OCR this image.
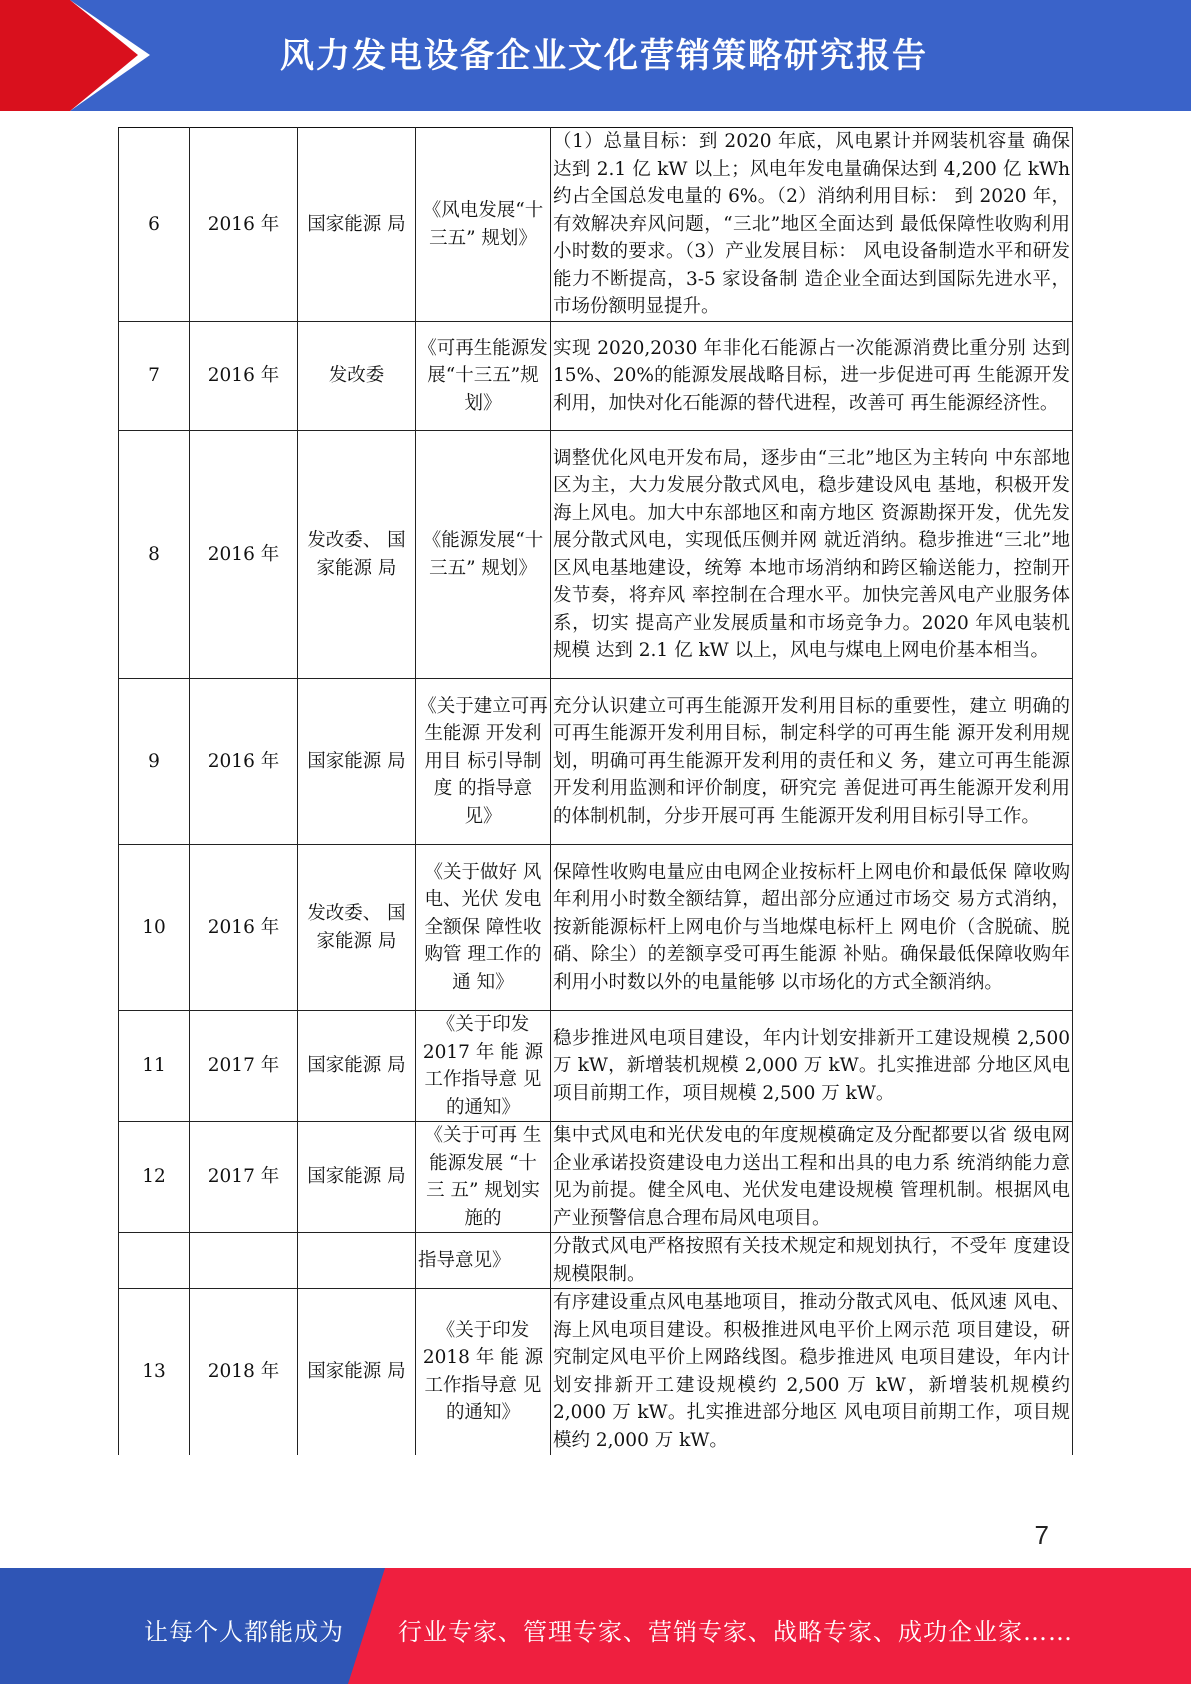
风力发电设备企业文化营销策略研究报告
6	2016 年	国家能源 局	《风电发展“十三五” 规划》	（1）总量目标：到 2020 年底，风电累计并网装机容量 确保达到 2.1 亿 kW 以上；风电年发电量确保达到 4,200 亿 kWh约占全国总发电量的 6%。（2）消纳利用目标： 到 2020 年，有效解决弃风问题，“三北”地区全面达到 最低保障性收购利用小时数的要求。（3）产业发展目标： 风电设备制造水平和研发能力不断提高，3-5 家设备制 造企业全面达到国际先进水平，市场份额明显提升。
7	2016 年	发改委	《可再生能源发展“十三五”规 划》	实现 2020,2030 年非化石能源占一次能源消费比重分别 达到 15%、20%的能源发展战略目标，进一步促进可再 生能源开发利用，加快对化石能源的替代进程，改善可 再生能源经济性。
8	2016 年	发改委、 国家能源 局	《能源发展“十三五” 规划》	调整优化风电开发布局，逐步由“三北”地区为主转向 中东部地区为主，大力发展分散式风电，稳步建设风电 基地，积极开发海上风电。加大中东部地区和南方地区 资源勘探开发，优先发展分散式风电，实现低压侧并网 就近消纳。稳步推进“三北”地区风电基地建设，统筹 本地市场消纳和跨区输送能力，控制开发节奏，将弃风 率控制在合理水平。加快完善风电产业服务体系，切实 提高产业发展质量和市场竞争力。2020 年风电装机规模 达到 2.1 亿 kW 以上，风电与煤电上网电价基本相当。
9	2016 年	国家能源 局	《关于建立可再生能源 开发利用目 标引导制度 的指导意 见》	充分认识建立可再生能源开发利用目标的重要性，建立 明确的可再生能源开发利用目标，制定科学的可再生能 源开发利用规划，明确可再生能源开发利用的责任和义 务，建立可再生能源开发利用监测和评价制度，研究完 善促进可再生能源开发利用的体制机制，分步开展可再 生能源开发利用目标引导工作。
10	2016 年	发改委、 国家能源 局	《关于做好 风电、光伏 发电全额保 障性收购管 理工作的通 知》	保障性收购电量应由电网企业按标杆上网电价和最低保 障收购年利用小时数全额结算，超出部分应通过市场交 易方式消纳，按新能源标杆上网电价与当地煤电标杆上 网电价（含脱硫、脱硝、除尘）的差额享受可再生能源 补贴。确保最低保障收购年利用小时数以外的电量能够 以市场化的方式全额消纳。
11	2017 年	国家能源 局	《关于印发 2017 年 能 源 工作指导意 见的通知》	稳步推进风电项目建设，年内计划安排新开工建设规模 2,500 万 kW，新增装机规模 2,000 万 kW。扎实推进部 分地区风电项目前期工作，项目规模 2,500 万 kW。
12	2017 年	国家能源 局	《关于可再 生能源发展 “十 三 五” 规划实施的	集中式风电和光伏发电的年度规模确定及分配都要以省 级电网企业承诺投资建设电力送出工程和出具的电力系 统消纳能力意见为前提。健全风电、光伏发电建设规模 管理机制。根据风电产业预警信息合理布局风电项目。
			指导意见》	分散式风电严格按照有关技术规定和规划执行，不受年 度建设规模限制。
13	2018 年	国家能源 局	《关于印发 2018 年 能 源 工作指导意 见的通知》	有序建设重点风电基地项目，推动分散式风电、低风速 风电、海上风电项目建设。积极推进风电平价上网示范 项目建设，研究制定风电平价上网路线图。稳步推进风 电项目建设，年内计划安排新开工建设规模约 2,500 万 kW，新增装机规模约 2,000 万 kW。扎实推进部分地区 风电项目前期工作，项目规模约 2,000 万 kW。
7
让每个人都能成为 行业专家、管理专家、营销专家、战略专家、成功企业家……
